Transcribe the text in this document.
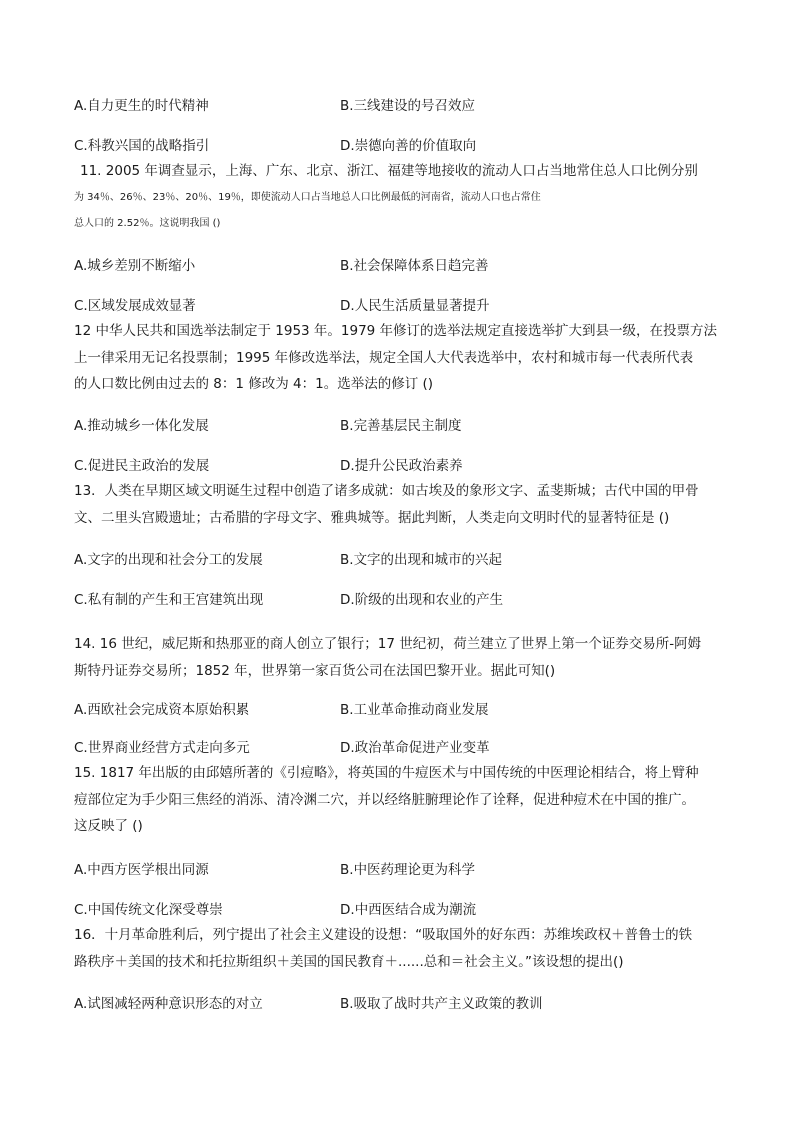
A.自力更生的时代精神	B.三线建设的号召效应
C.科教兴国的战略指引	D.崇德向善的价值取向
11. 2005 年调查显示，上海、广东、北京、浙江、福建等地接收的流动人口占当地常住总人口比例分别
为 34％、26％、23％、20％、19％，即使流动人口占当地总人口比例最低的河南省，流动人口也占常住
总人口的 2.52％。这说明我国 ()
A.城乡差别不断缩小	B.社会保障体系日趋完善
C.区域发展成效显著	D.人民生活质量显著提升
12 中华人民共和国选举法制定于 1953 年。1979 年修订的选举法规定直接选举扩大到县一级，在投票方法
上一律采用无记名投票制；1995 年修改选举法，规定全国人大代表选举中，农村和城市每一代表所代表
的人口数比例由过去的 8：1 修改为 4：1。选举法的修订 ()
A.推动城乡一体化发展	B.完善基层民主制度
C.促进民主政治的发展	D.提升公民政治素养
13．人类在早期区域文明诞生过程中创造了诸多成就：如古埃及的象形文字、孟斐斯城；古代中国的甲骨
文、二里头宫殿遗址；古希腊的字母文字、雅典城等。据此判断，人类走向文明时代的显著特征是 ()
A.文字的出现和社会分工的发展	B.文字的出现和城市的兴起
C.私有制的产生和王宫建筑出现	D.阶级的出现和农业的产生
14. 16 世纪，威尼斯和热那亚的商人创立了银行；17 世纪初，荷兰建立了世界上第一个证券交易所-阿姆
斯特丹证券交易所；1852 年，世界第一家百货公司在法国巴黎开业。据此可知()
A.西欧社会完成资本原始积累	B.工业革命推动商业发展
C.世界商业经营方式走向多元	D.政治革命促进产业变革
15. 1817 年出版的由邱嬉所著的《引痘略》，将英国的牛痘医术与中国传统的中医理论相结合，将上臂种
痘部位定为手少阳三焦经的消泺、清冷渊二穴，并以经络脏腑理论作了诠释，促进种痘术在中国的推广。
这反映了 ()
A.中西方医学根出同源	B.中医药理论更为科学
C.中国传统文化深受尊崇	D.中西医结合成为潮流
16．十月革命胜利后，列宁提出了社会主义建设的设想：“吸取国外的好东西：苏维埃政权＋普鲁士的铁
路秩序＋美国的技术和托拉斯组织＋美国的国民教育＋......总和＝社会主义。”该设想的提出()
A.试图减轻两种意识形态的对立	B.吸取了战时共产主义政策的教训
